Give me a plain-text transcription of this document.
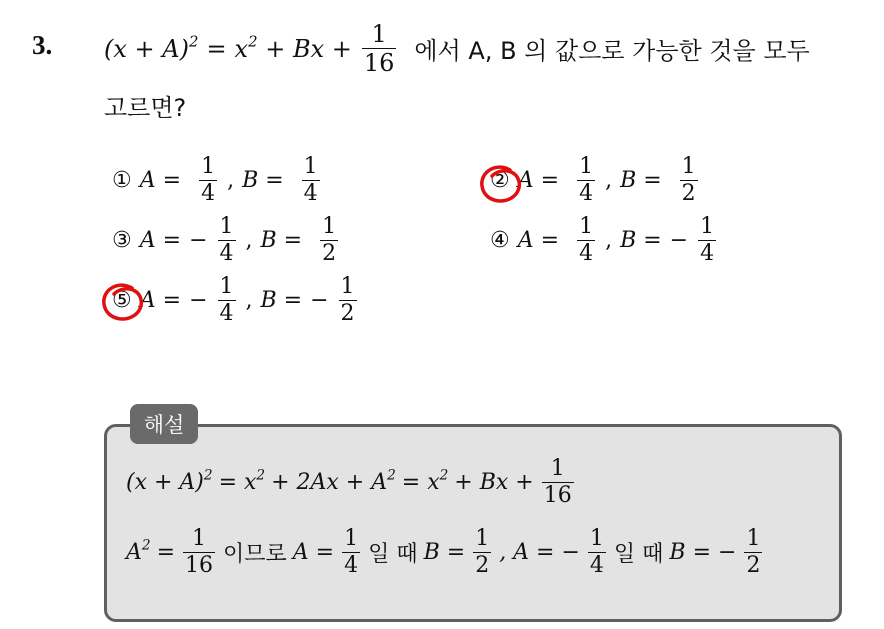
3. $(x + A)^2 = x^2 + Bx + \frac{1}{16}$ 에서 A, B 의 값으로 가능한 것을 모두
고르면?
① $A = \frac{1}{4}$ , $B = \frac{1}{4}$	② $A = \frac{1}{4}$ , $B = \frac{1}{2}$
③ A = − $\frac{1}{4}$ , $B = \frac{1}{2}$	④ $A = \frac{1}{4}$ , B = − $\frac{1}{4}$
⑤ A = − $\frac{1}{4}$ , B = − $\frac{1}{2}$
해설
$(x + A)^2 = x^2 + 2Ax + A^2 = x^2 + Bx + \frac{1}{16}$
$A^2 = \frac{1}{16}$ 이므로 $A = \frac{1}{4}$ 일 때 $B = \frac{1}{2}$ , A = − $\frac{1}{4}$ 일 때 B = − $\frac{1}{2}$
